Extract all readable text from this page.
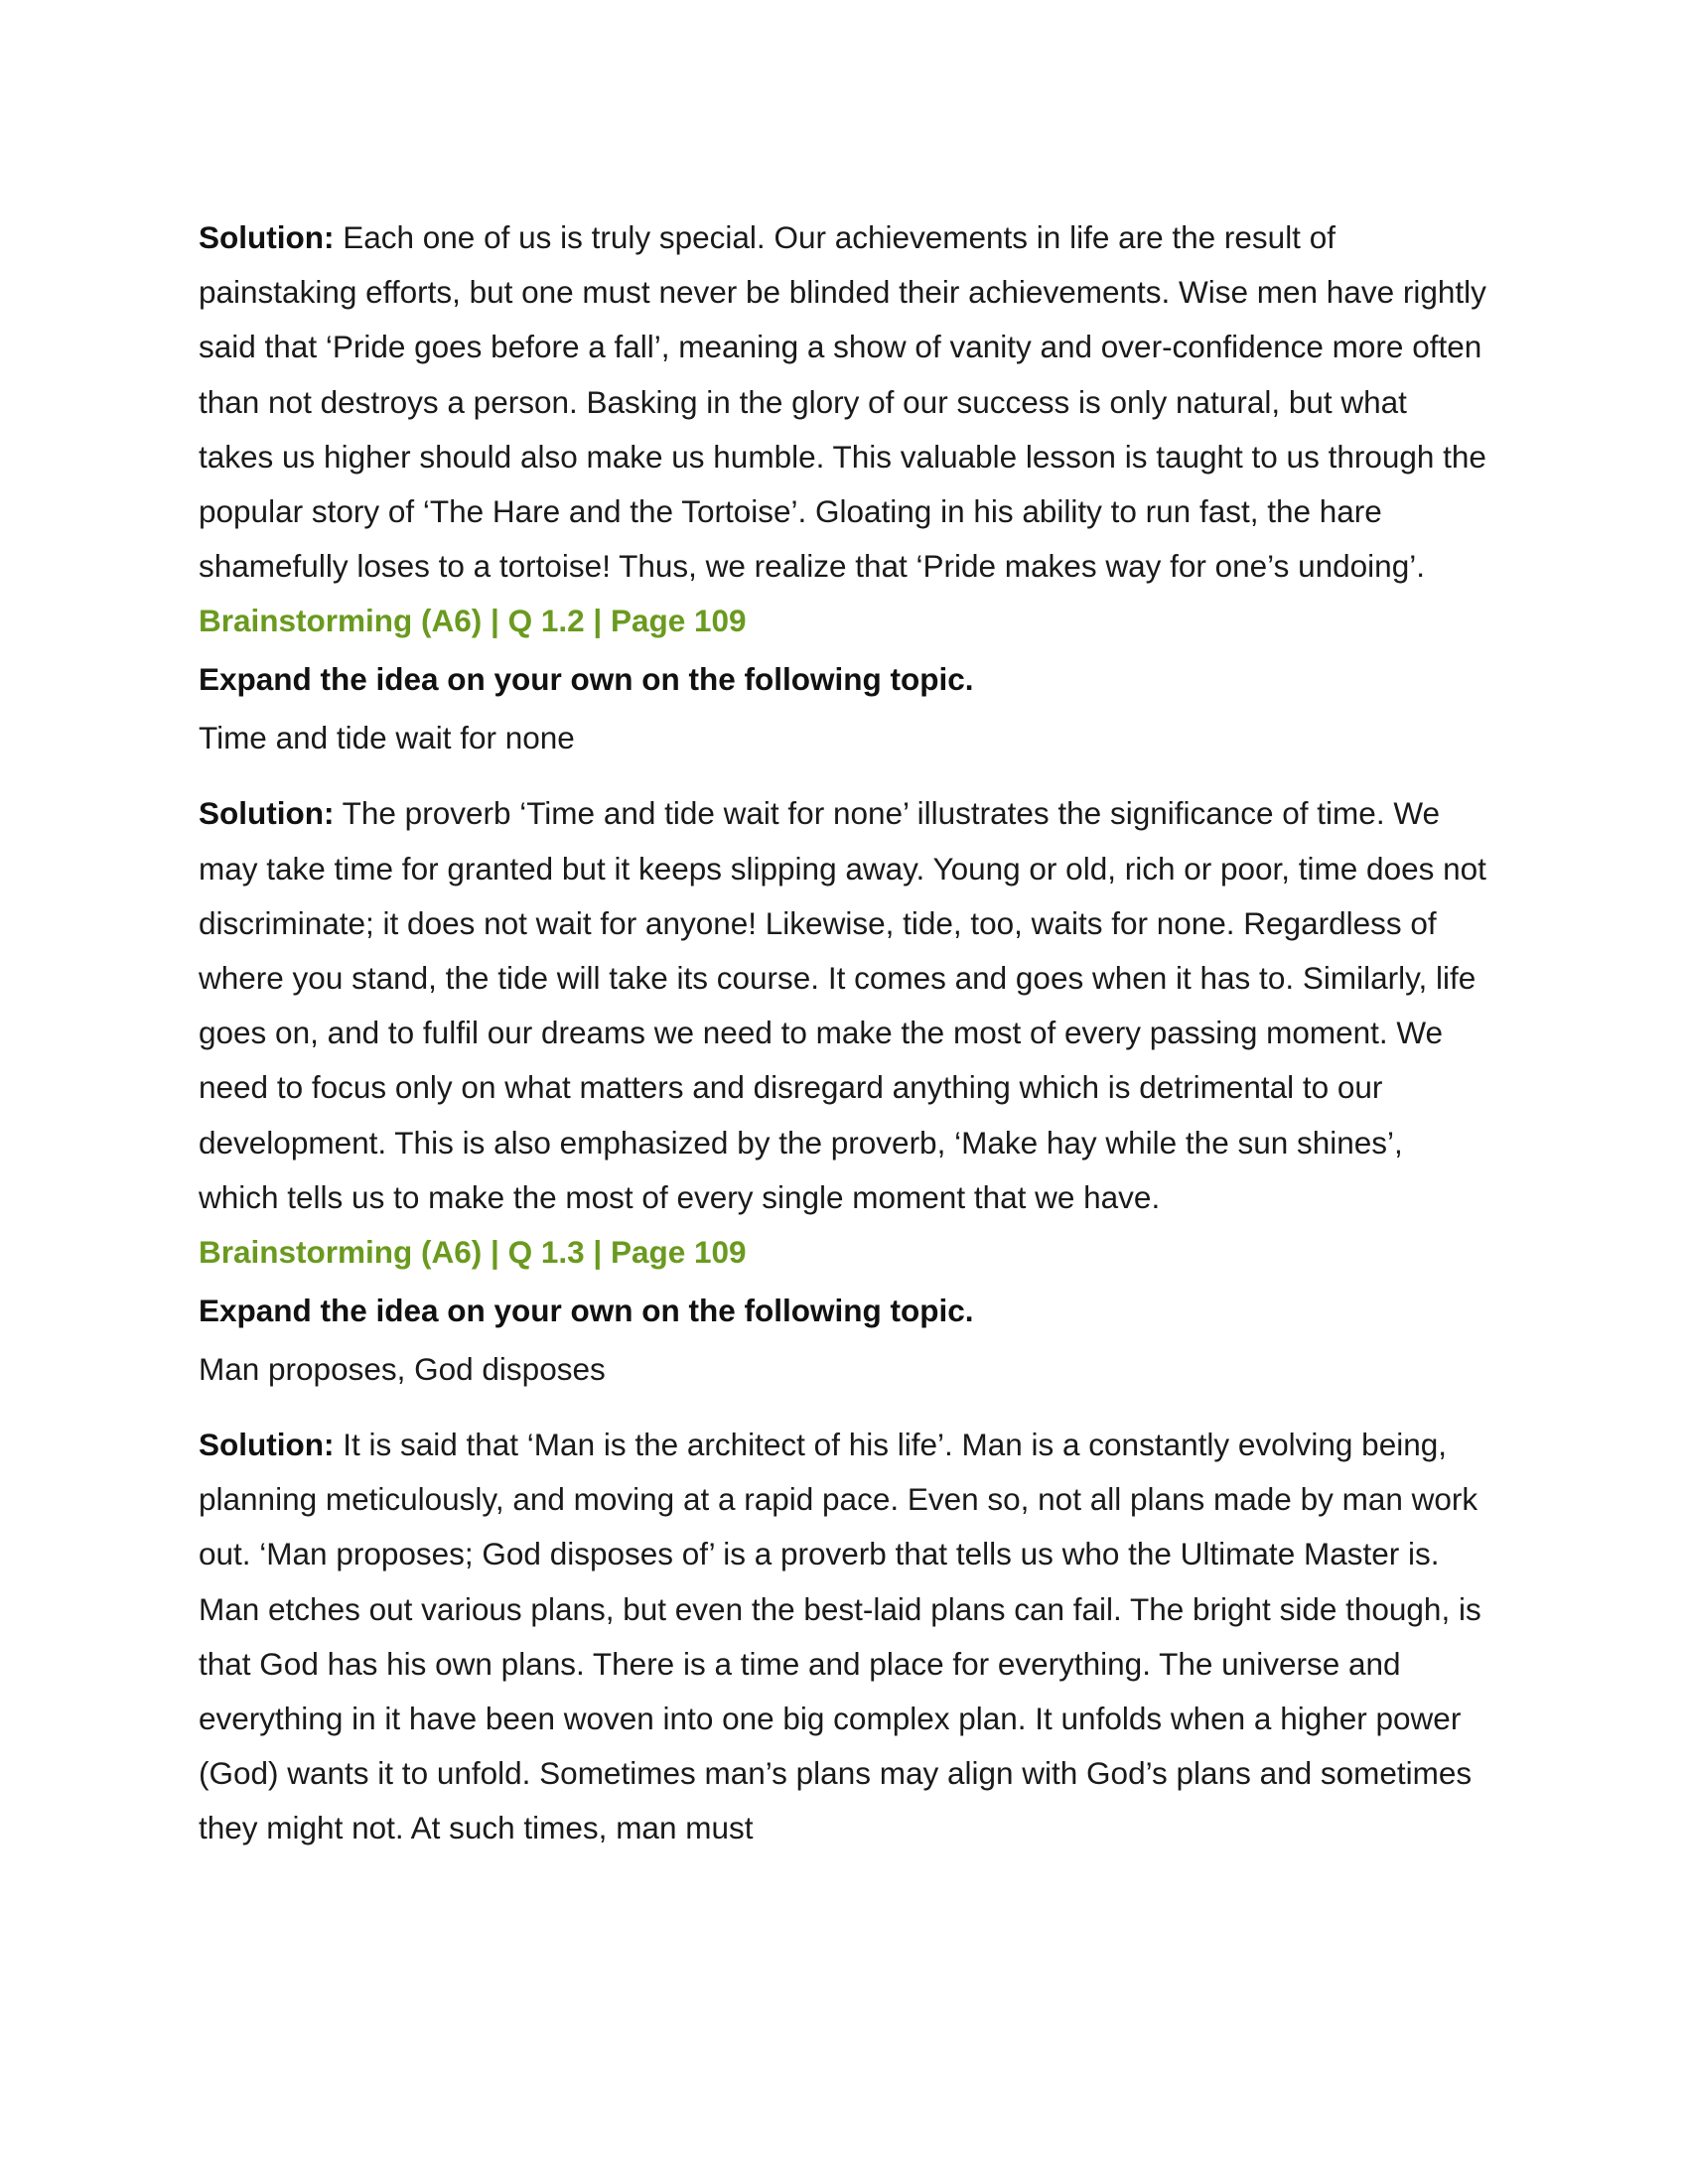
Solution: Each one of us is truly special. Our achievements in life are the result of painstaking efforts, but one must never be blinded their achievements. Wise men have rightly said that ‘Pride goes before a fall’, meaning a show of vanity and over-confidence more often than not destroys a person. Basking in the glory of our success is only natural, but what takes us higher should also make us humble. This valuable lesson is taught to us through the popular story of ‘The Hare and the Tortoise’. Gloating in his ability to run fast, the hare shamefully loses to a tortoise! Thus, we realize that ‘Pride makes way for one’s undoing’.

Brainstorming (A6) | Q 1.2 | Page 109

Expand the idea on your own on the following topic.

Time and tide wait for none

Solution: The proverb ‘Time and tide wait for none’ illustrates the significance of time. We may take time for granted but it keeps slipping away. Young or old, rich or poor, time does not discriminate; it does not wait for anyone! Likewise, tide, too, waits for none. Regardless of where you stand, the tide will take its course. It comes and goes when it has to. Similarly, life goes on, and to fulfil our dreams we need to make the most of every passing moment. We need to focus only on what matters and disregard anything which is detrimental to our development. This is also emphasized by the proverb, ‘Make hay while the sun shines’, which tells us to make the most of every single moment that we have.

Brainstorming (A6) | Q 1.3 | Page 109

Expand the idea on your own on the following topic.

Man proposes, God disposes

Solution: It is said that ‘Man is the architect of his life’. Man is a constantly evolving being, planning meticulously, and moving at a rapid pace. Even so, not all plans made by man work out. ‘Man proposes; God disposes of’ is a proverb that tells us who the Ultimate Master is. Man etches out various plans, but even the best-laid plans can fail. The bright side though, is that God has his own plans. There is a time and place for everything. The universe and everything in it have been woven into one big complex plan. It unfolds when a higher power (God) wants it to unfold. Sometimes man’s plans may align with God’s plans and sometimes they might not. At such times, man must
